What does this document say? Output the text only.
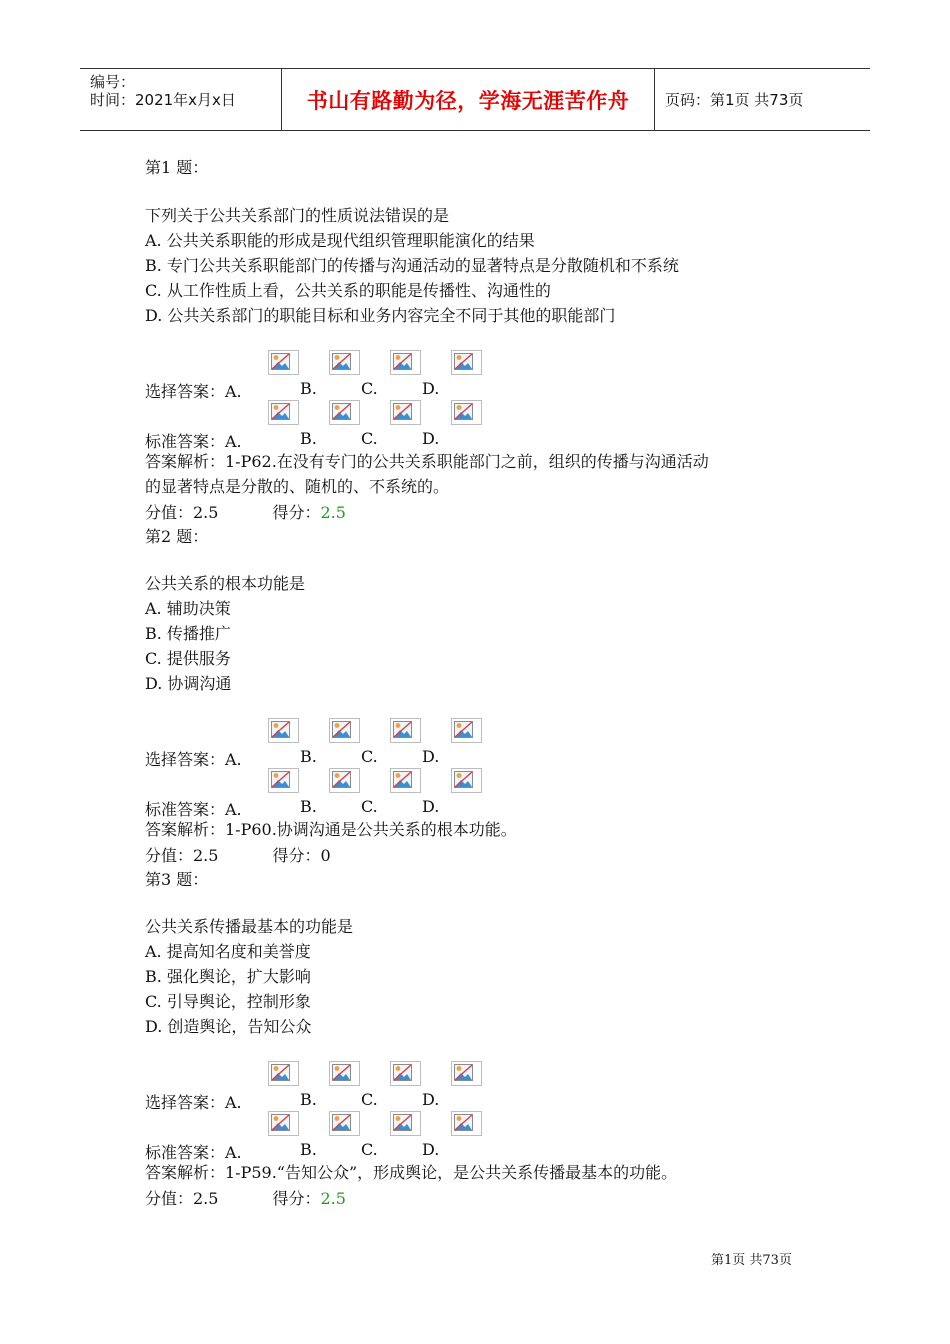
编号：
时间：2021年x月x日	书山有路勤为径，学海无涯苦作舟 页码：第1页 共73页
第1 题：
下列关于公共关系部门的性质说法错误的是
A. 公共关系职能的形成是现代组织管理职能演化的结果
B. 专门公共关系职能部门的传播与沟通活动的显著特点是分散随机和不系统
C. 从工作性质上看，公共关系的职能是传播性、沟通性的
D. 公共关系部门的职能目标和业务内容完全不同于其他的职能部门
选择答案：A.	B.	C.	D.
标准答案：A.	B.	C.	D.
答案解析：1-P62.在没有专门的公共关系职能部门之前，组织的传播与沟通活动
的显著特点是分散的、随机的、不系统的。
分值：2.5	得分：2.5
第2 题：
公共关系的根本功能是
A. 辅助决策
B. 传播推广
C. 提供服务
D. 协调沟通
选择答案：A.	B.	C.	D.
标准答案：A.	B.	C.	D.
答案解析：1-P60.协调沟通是公共关系的根本功能。
分值：2.5	得分：0
第3 题：
公共关系传播最基本的功能是
A. 提高知名度和美誉度
B. 强化舆论，扩大影响
C. 引导舆论，控制形象
D. 创造舆论，告知公众
选择答案：A.	B.	C.	D.
标准答案：A.	B.	C.	D.
答案解析：1-P59.“告知公众”，形成舆论，是公共关系传播最基本的功能。
分值：2.5	得分：2.5
第1页 共73页
